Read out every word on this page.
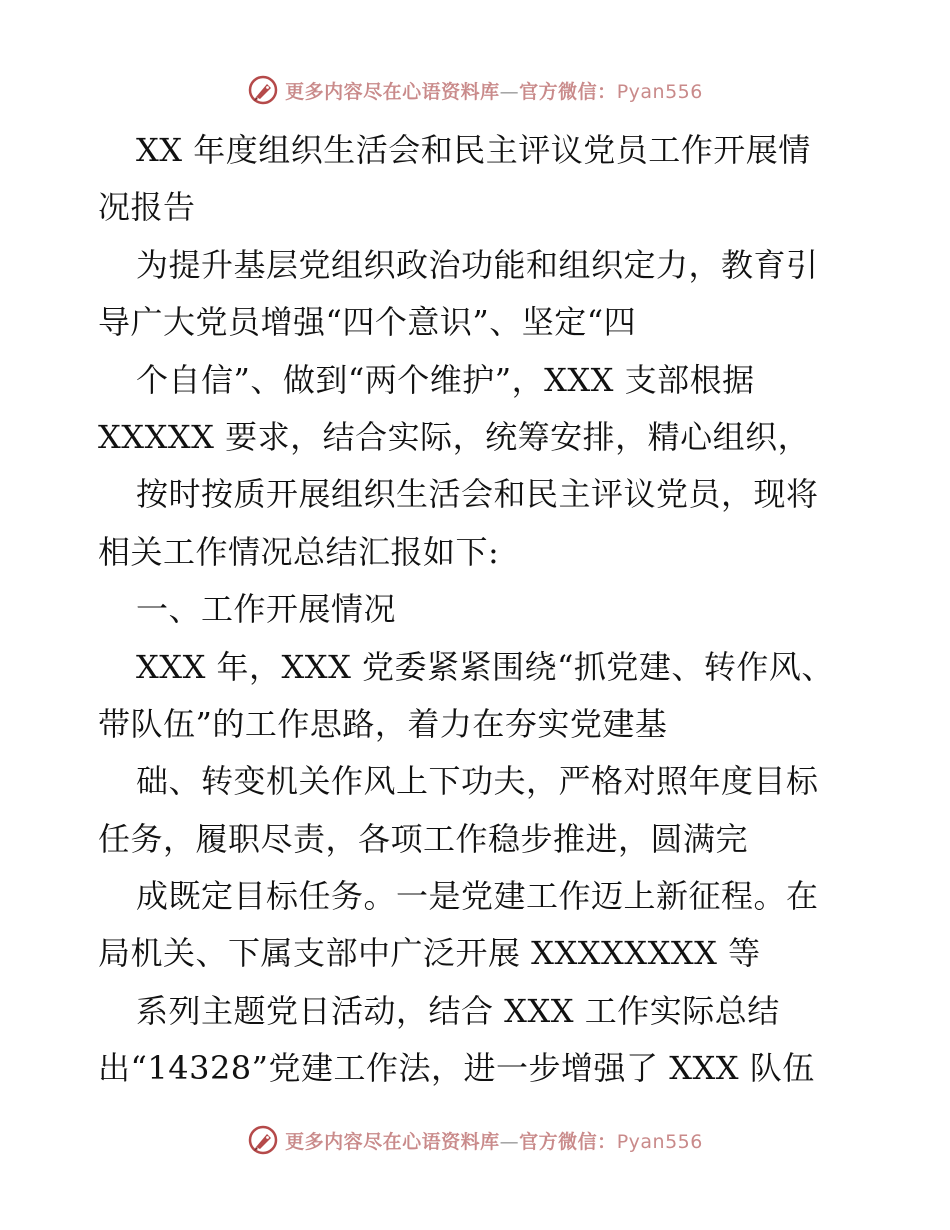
更多内容尽在心语资料库—官方微信：Pyan556
XX 年度组织生活会和民主评议党员工作开展情
况报告
为提升基层党组织政治功能和组织定力，教育引
导广大党员增强“四个意识”、坚定“四
个自信”、做到“两个维护”，XXX 支部根据
XXXXX 要求，结合实际，统筹安排，精心组织，
按时按质开展组织生活会和民主评议党员，现将
相关工作情况总结汇报如下:
一、工作开展情况
XXX 年，XXX 党委紧紧围绕“抓党建、转作风、
带队伍”的工作思路，着力在夯实党建基
础、转变机关作风上下功夫，严格对照年度目标
任务，履职尽责，各项工作稳步推进，圆满完
成既定目标任务。一是党建工作迈上新征程。在
局机关、下属支部中广泛开展 XXXXXXXX 等
系列主题党日活动，结合 XXX 工作实际总结
出“14328”党建工作法，进一步增强了 XXX 队伍
更多内容尽在心语资料库—官方微信：Pyan556
